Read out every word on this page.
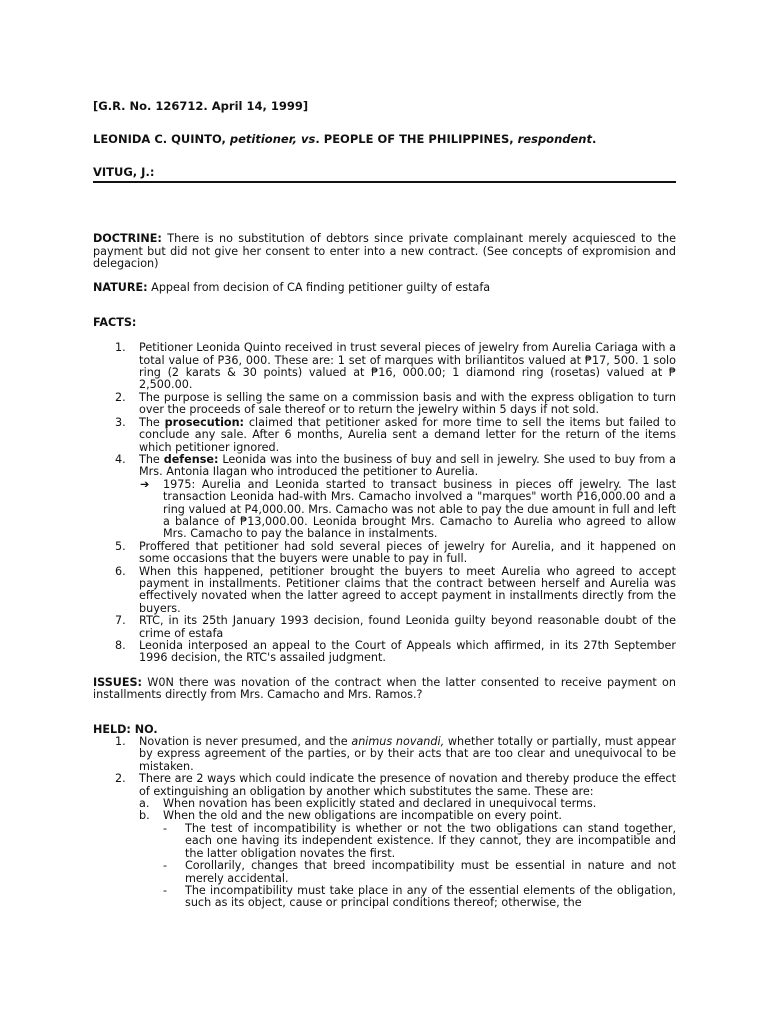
[G.R. No. 126712. April 14, 1999]

LEONIDA C. QUINTO, petitioner, vs. PEOPLE OF THE PHILIPPINES, respondent.

VITUG, J.:

DOCTRINE: There is no substitution of debtors since private complainant merely acquiesced to the payment but did not give her consent to enter into a new contract. (See concepts of expromision and delegacion)

NATURE: Appeal from decision of CA finding petitioner guilty of estafa

FACTS:

1. Petitioner Leonida Quinto received in trust several pieces of jewelry from Aurelia Cariaga with a total value of P36, 000. These are: 1 set of marques with briliantitos valued at ₱17, 500. 1 solo ring (2 karats & 30 points) valued at ₱16, 000.00; 1 diamond ring (rosetas) valued at ₱ 2,500.00.
2. The purpose is selling the same on a commission basis and with the express obligation to turn over the proceeds of sale thereof or to return the jewelry within 5 days if not sold.
3. The prosecution: claimed that petitioner asked for more time to sell the items but failed to conclude any sale. After 6 months, Aurelia sent a demand letter for the return of the items which petitioner ignored.
4. The defense: Leonida was into the business of buy and sell in jewelry. She used to buy from a Mrs. Antonia Ilagan who introduced the petitioner to Aurelia.
➔ 1975: Aurelia and Leonida started to transact business in pieces off jewelry. The last transaction Leonida had-with Mrs. Camacho involved a "marques" worth P16,000.00 and a ring valued at P4,000.00. Mrs. Camacho was not able to pay the due amount in full and left a balance of ₱13,000.00. Leonida brought Mrs. Camacho to Aurelia who agreed to allow Mrs. Camacho to pay the balance in instalments.
5. Proffered that petitioner had sold several pieces of jewelry for Aurelia, and it happened on some occasions that the buyers were unable to pay in full.
6. When this happened, petitioner brought the buyers to meet Aurelia who agreed to accept payment in installments. Petitioner claims that the contract between herself and Aurelia was effectively novated when the latter agreed to accept payment in installments directly from the buyers.
7. RTC, in its 25th January 1993 decision, found Leonida guilty beyond reasonable doubt of the crime of estafa
8. Leonida interposed an appeal to the Court of Appeals which affirmed, in its 27th September 1996 decision, the RTC's assailed judgment.

ISSUES: W0N there was novation of the contract when the latter consented to receive payment on installments directly from Mrs. Camacho and Mrs. Ramos.?

HELD: NO.

1. Novation is never presumed, and the animus novandi, whether totally or partially, must appear by express agreement of the parties, or by their acts that are too clear and unequivocal to be mistaken.
2. There are 2 ways which could indicate the presence of novation and thereby produce the effect of extinguishing an obligation by another which substitutes the same. These are:
a. When novation has been explicitly stated and declared in unequivocal terms.
b. When the old and the new obligations are incompatible on every point.
- The test of incompatibility is whether or not the two obligations can stand together, each one having its independent existence. If they cannot, they are incompatible and the latter obligation novates the first.
- Corollarily, changes that breed incompatibility must be essential in nature and not merely accidental.
- The incompatibility must take place in any of the essential elements of the obligation, such as its object, cause or principal conditions thereof; otherwise, the
